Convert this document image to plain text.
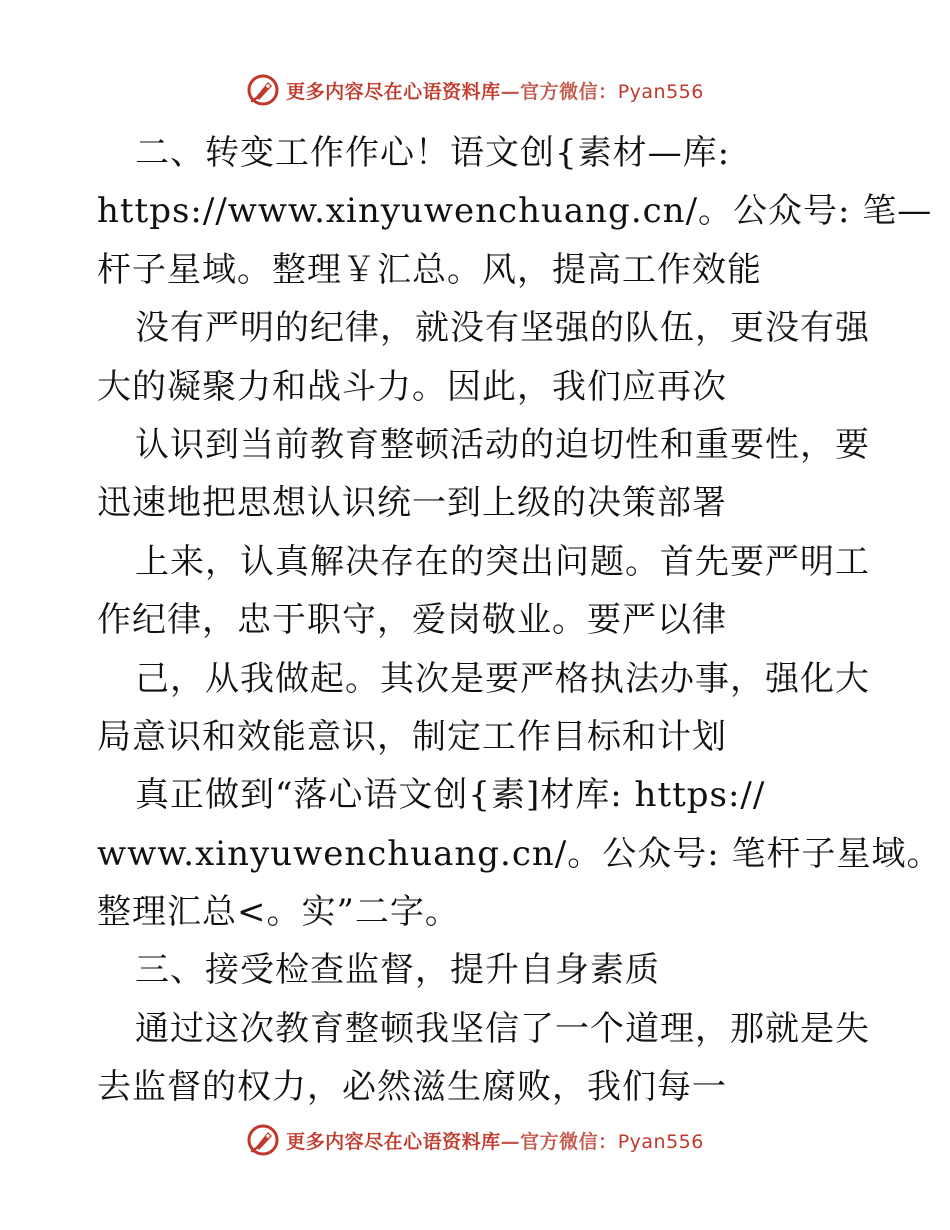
更多内容尽在心语资料库—官方微信：Pyan556
二、转变工作作心！语文创{素材—库:
https://www.xinyuwenchuang.cn/。公众号: 笔—
杆子星域。整理￥汇总。风，提高工作效能
没有严明的纪律，就没有坚强的队伍，更没有强
大的凝聚力和战斗力。因此，我们应再次
认识到当前教育整顿活动的迫切性和重要性，要
迅速地把思想认识统一到上级的决策部署
上来，认真解决存在的突出问题。首先要严明工
作纪律，忠于职守，爱岗敬业。要严以律
己，从我做起。其次是要严格执法办事，强化大
局意识和效能意识，制定工作目标和计划
真正做到“落心语文创{素]材库: https://
www.xinyuwenchuang.cn/。公众号: 笔杆子星域。
整理汇总<。实”二字。
三、接受检查监督，提升自身素质
通过这次教育整顿我坚信了一个道理，那就是失
去监督的权力，必然滋生腐败，我们每一
更多内容尽在心语资料库—官方微信：Pyan556
